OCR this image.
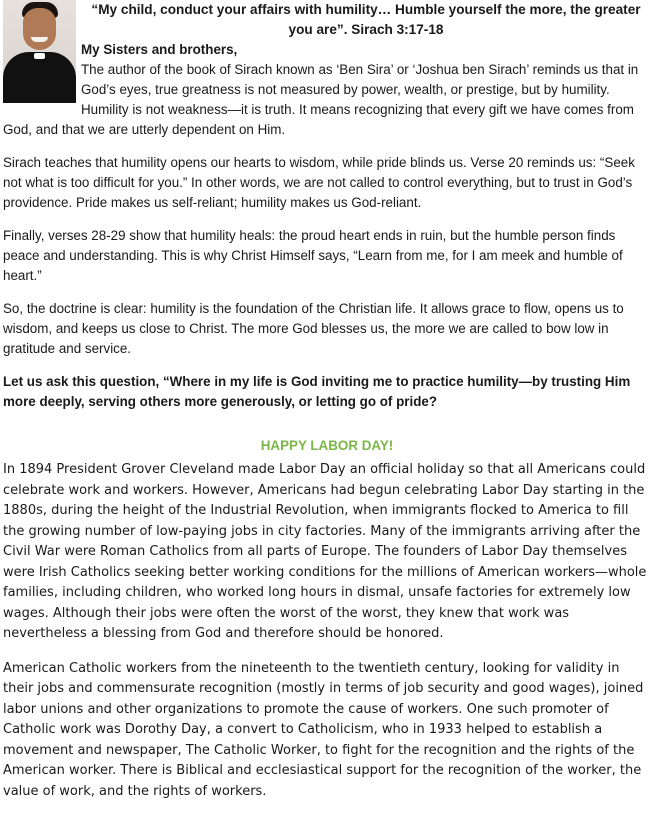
“My child, conduct your affairs with humility… Humble yourself the more, the greater you are”. Sirach 3:17-18
My Sisters and brothers,

The author of the book of Sirach known as ‘Ben Sira’ or ‘Joshua ben Sirach’ reminds us that in God’s eyes, true greatness is not measured by power, wealth, or prestige, but by humility. Humility is not weakness—it is truth. It means recognizing that every gift we have comes from God, and that we are utterly dependent on Him.

Sirach teaches that humility opens our hearts to wisdom, while pride blinds us. Verse 20 reminds us: “Seek not what is too difficult for you.” In other words, we are not called to control everything, but to trust in God’s providence. Pride makes us self-reliant; humility makes us God-reliant.

Finally, verses 28-29 show that humility heals: the proud heart ends in ruin, but the humble person finds peace and understanding. This is why Christ Himself says, “Learn from me, for I am meek and humble of heart.”

So, the doctrine is clear: humility is the foundation of the Christian life. It allows grace to flow, opens us to wisdom, and keeps us close to Christ. The more God blesses us, the more we are called to bow low in gratitude and service.

Let us ask this question, “Where in my life is God inviting me to practice humility—by trusting Him more deeply, serving others more generously, or letting go of pride?
HAPPY LABOR DAY!

In 1894 President Grover Cleveland made Labor Day an official holiday so that all Americans could celebrate work and workers. However, Americans had begun celebrating Labor Day starting in the 1880s, during the height of the Industrial Revolution, when immigrants flocked to America to fill the growing number of low-paying jobs in city factories. Many of the immigrants arriving after the Civil War were Roman Catholics from all parts of Europe. The founders of Labor Day themselves were Irish Catholics seeking better working conditions for the millions of American workers—whole families, including children, who worked long hours in dismal, unsafe factories for extremely low wages. Although their jobs were often the worst of the worst, they knew that work was nevertheless a blessing from God and therefore should be honored.

American Catholic workers from the nineteenth to the twentieth century, looking for validity in their jobs and commensurate recognition (mostly in terms of job security and good wages), joined labor unions and other organizations to promote the cause of workers. One such promoter of Catholic work was Dorothy Day, a convert to Catholicism, who in 1933 helped to establish a movement and newspaper, The Catholic Worker, to fight for the recognition and the rights of the American worker. There is Biblical and ecclesiastical support for the recognition of the worker, the value of work, and the rights of workers.
